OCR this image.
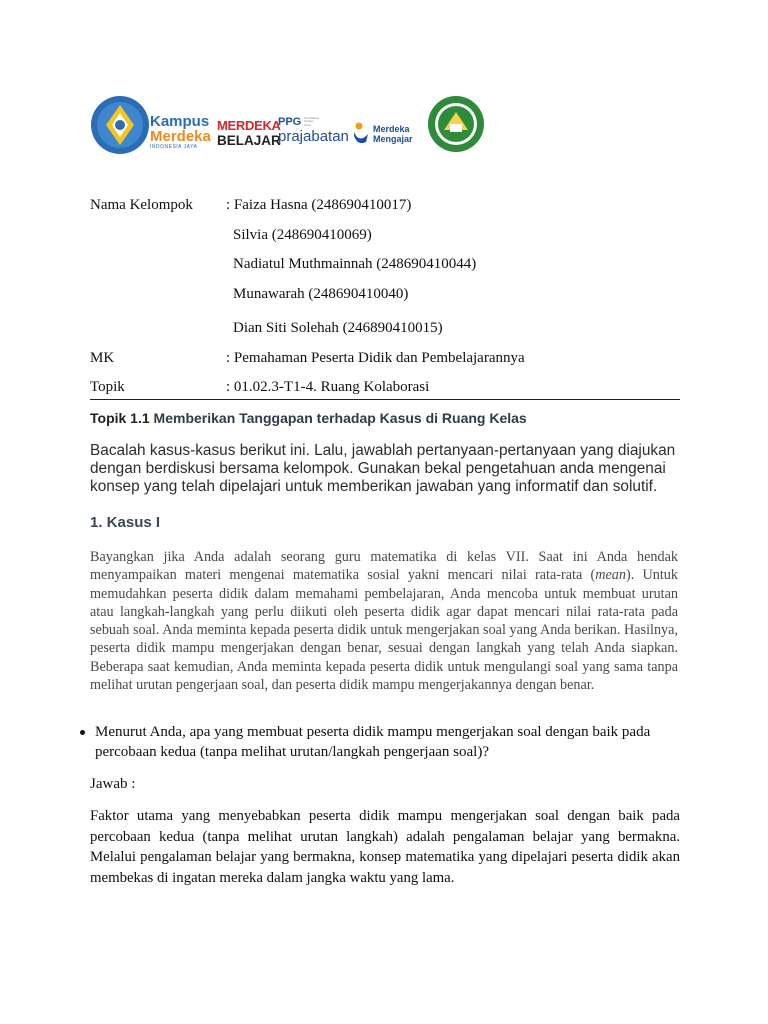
Kampus
Merdeka
INDONESIA JAYA
MERDEKA
BELAJAR
PPG Pendidikan Profesi Guru
prajabatan	Merdeka
Mengajar
Nama Kelompok : Faiza Hasna (248690410017)
Silvia (248690410069)
Nadiatul Muthmainnah (248690410044)
Munawarah (248690410040)
Dian Siti Solehah (246890410015)
MK	: Pemahaman Peserta Didik dan Pembelajarannya
Topik	: 01.02.3-T1-4. Ruang Kolaborasi
Topik 1.1 Memberikan Tanggapan terhadap Kasus di Ruang Kelas
Bacalah kasus-kasus berikut ini. Lalu, jawablah pertanyaan-pertanyaan yang diajukan dengan berdiskusi bersama kelompok. Gunakan bekal pengetahuan anda mengenai konsep yang telah dipelajari untuk memberikan jawaban yang informatif dan solutif.
1. Kasus I
Bayangkan jika Anda adalah seorang guru matematika di kelas VII. Saat ini Anda hendak menyampaikan materi mengenai matematika sosial yakni mencari nilai rata-rata (mean). Untuk memudahkan peserta didik dalam memahami pembelajaran, Anda mencoba untuk membuat urutan atau langkah-langkah yang perlu diikuti oleh peserta didik agar dapat mencari nilai rata-rata pada sebuah soal. Anda meminta kepada peserta didik untuk mengerjakan soal yang Anda berikan. Hasilnya, peserta didik mampu mengerjakan dengan benar, sesuai dengan langkah yang telah Anda siapkan. Beberapa saat kemudian, Anda meminta kepada peserta didik untuk mengulangi soal yang sama tanpa melihat urutan pengerjaan soal, dan peserta didik mampu mengerjakannya dengan benar.
Menurut Anda, apa yang membuat peserta didik mampu mengerjakan soal dengan baik pada percobaan kedua (tanpa melihat urutan/langkah pengerjaan soal)?
Jawab :
Faktor utama yang menyebabkan peserta didik mampu mengerjakan soal dengan baik pada percobaan kedua (tanpa melihat urutan langkah) adalah pengalaman belajar yang bermakna. Melalui pengalaman belajar yang bermakna, konsep matematika yang dipelajari peserta didik akan membekas di ingatan mereka dalam jangka waktu yang lama.
